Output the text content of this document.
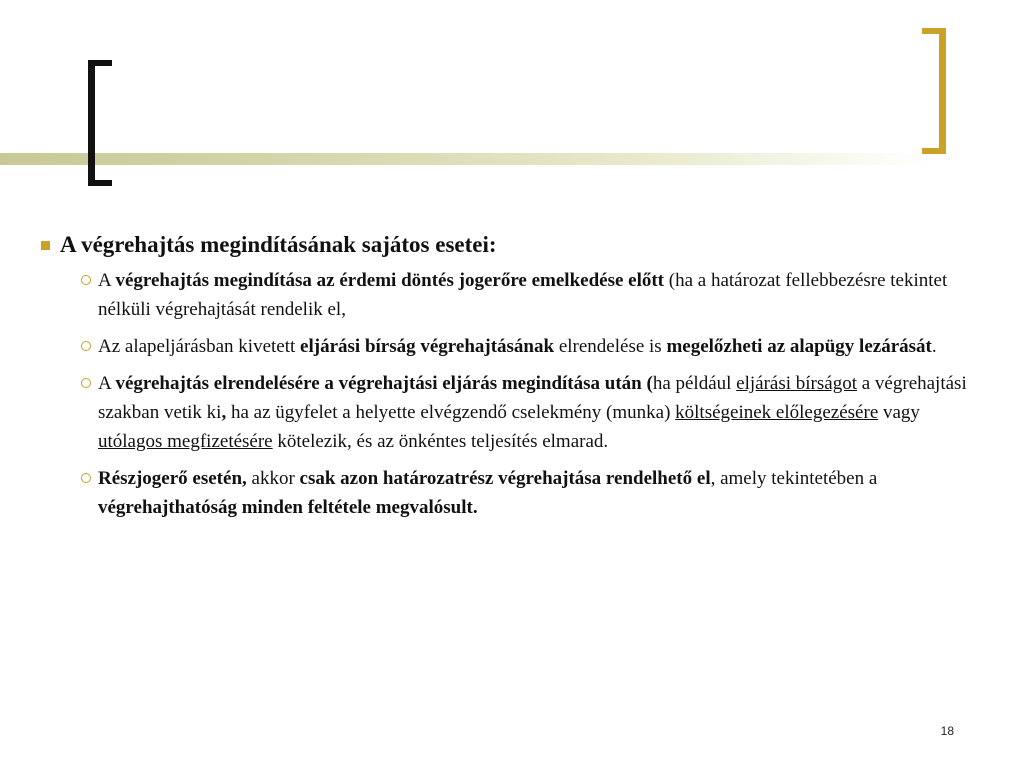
A végrehajtás megindításának sajátos esetei:
A végrehajtás megindítása az érdemi döntés jogerőre emelkedése előtt (ha a határozat fellebbezésre tekintet nélküli végrehajtását rendelik el,
Az alapeljárásban kivetett eljárási bírság végrehajtásának elrendelése is megelőzheti az alapügy lezárását.
A végrehajtás elrendelésére a végrehajtási eljárás megindítása után (ha például eljárási bírságot a végrehajtási szakban vetik ki, ha az ügyfelet a helyette elvégzendő cselekmény (munka) költségeinek előlegezésére vagy utólagos megfizetésére kötelezik, és az önkéntes teljesítés elmarad.
Részjogerő esetén, akkor csak azon határozatrész végrehajtása rendelhető el, amely tekintetében a végrehajthatóság minden feltétele megvalósult.
18
